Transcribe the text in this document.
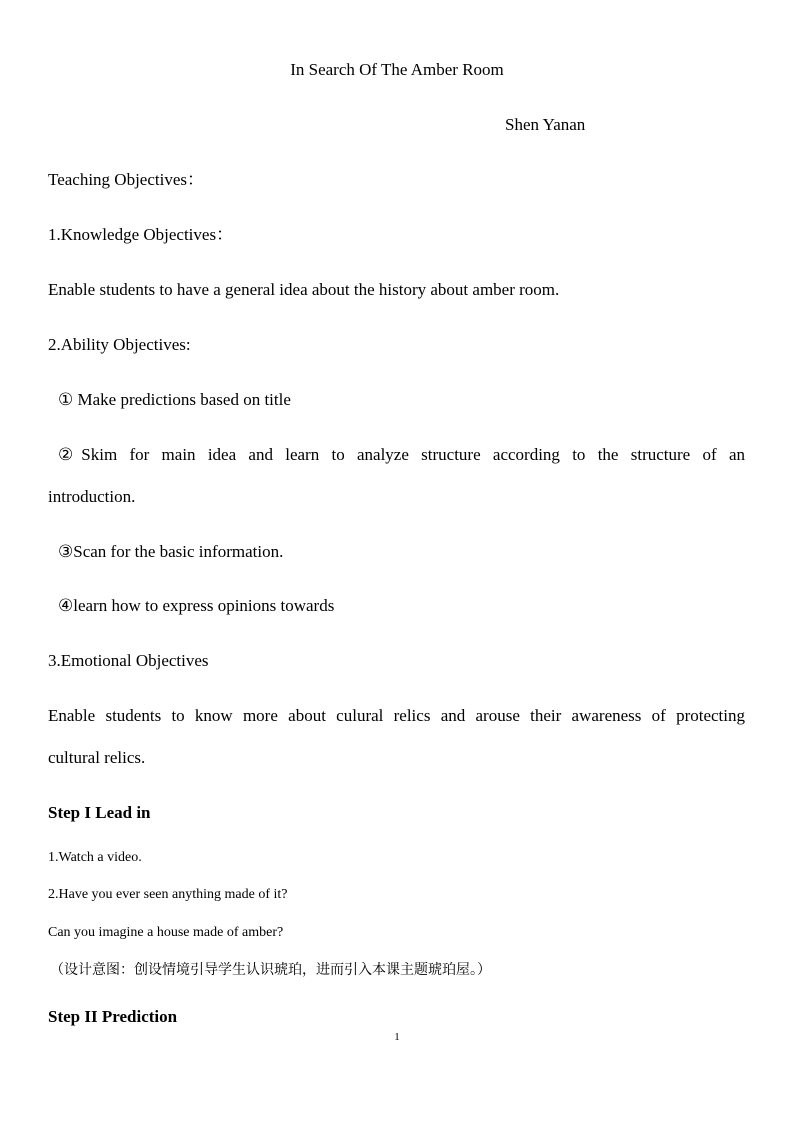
In Search Of The Amber Room
Shen Yanan
Teaching Objectives：
1.Knowledge Objectives：
Enable students to have a general idea about the history about amber room.
2.Ability Objectives:
① Make predictions based on title
②Skim for main idea and learn to analyze structure according to the structure of an
introduction.
③Scan for the basic information.
④learn how to express opinions towards
3.Emotional Objectives
Enable students to know more about culural relics and arouse their awareness of protecting
cultural relics.
Step I Lead in
1.Watch a video.
2.Have you ever seen anything made of it?
Can you imagine a house made of amber?
（设计意图：创设情境引导学生认识琥珀，进而引入本课主题琥珀屋。）
Step II Prediction
1
